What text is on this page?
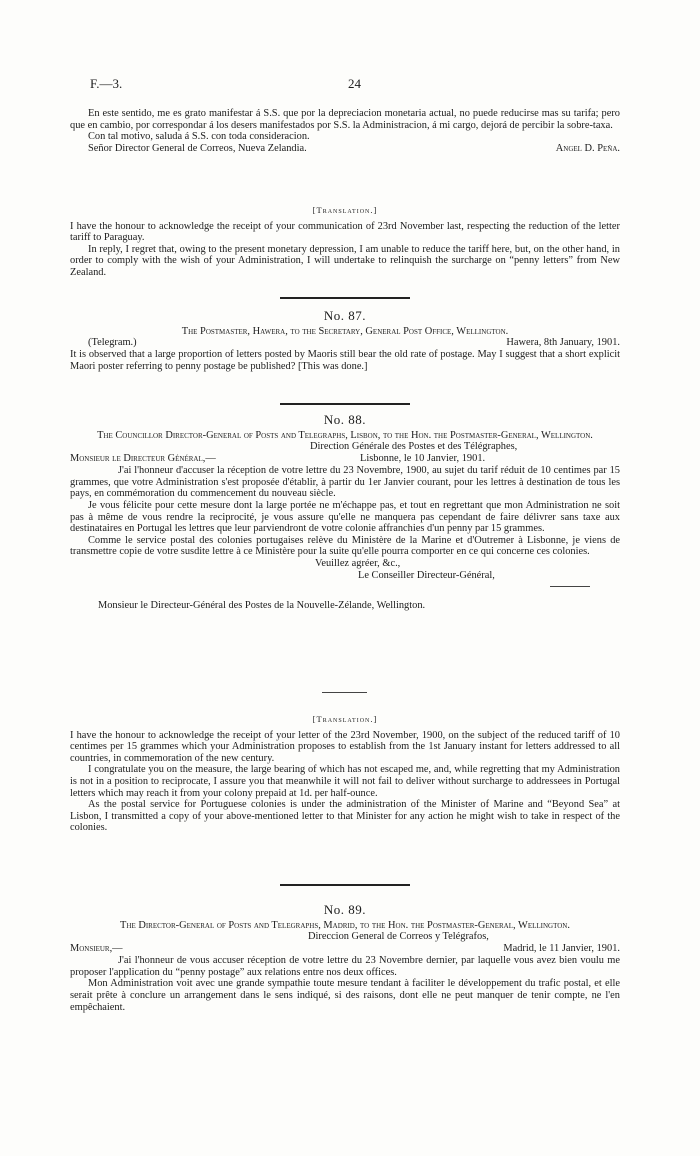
F.—3.	24

En este sentido, me es grato manifestar á S.S. que por la depreciacion monetaria actual, no puede reducirse mas su tarifa; pero que en cambio, por correspondar á los desers manifestados por S.S. la Administracion, á mi cargo, dejorá de percibir la sobre-taxa.

Con tal motivo, saluda á S.S. con toda consideracion.

Señor Director General de Correos, Nueva Zelandia.	Angel D. Peña.
[Translation.]

I have the honour to acknowledge the receipt of your communication of 23rd November last, respecting the reduction of the letter tariff to Paraguay.

In reply, I regret that, owing to the present monetary depression, I am unable to reduce the tariff here, but, on the other hand, in order to comply with the wish of your Administration, I will undertake to relinquish the surcharge on “penny letters” from New Zealand.

No. 87.

The Postmaster, Hawera, to the Secretary, General Post Office, Wellington.

(Telegram.)	Hawera, 8th January, 1901.

It is observed that a large proportion of letters posted by Maoris still bear the old rate of postage. May I suggest that a short explicit Maori poster referring to penny postage be published? [This was done.]

No. 88.

The Councillor Director-General of Posts and Telegraphs, Lisbon, to the Hon. the Postmaster-General, Wellington.

Direction Générale des Postes et des Télégraphes,
Monsieur le Directeur Général,—	Lisbonne, le 10 Janvier, 1901.

J'ai l'honneur d'accuser la réception de votre lettre du 23 Novembre, 1900, au sujet du tarif réduit de 10 centimes par 15 grammes, que votre Administration s'est proposée d'établir, à partir du 1er Janvier courant, pour les lettres à destination de tous les pays, en commémoration du commencement du nouveau siècle.

Je vous félicite pour cette mesure dont la large portée ne m'échappe pas, et tout en regrettant que mon Administration ne soit pas à même de vous rendre la reciprocité, je vous assure qu'elle ne manquera pas cependant de faire délivrer sans taxe aux destinataires en Portugal les lettres que leur parviendront de votre colonie affranchies d'un penny par 15 grammes.

Comme le service postal des colonies portugaises relève du Ministère de la Marine et d'Outremer à Lisbonne, je viens de transmettre copie de votre susdite lettre à ce Ministère pour la suite qu'elle pourra comporter en ce qui concerne ces colonies.

Veuillez agréer, &c.,
Le Conseiller Directeur-Général,
Monsieur le Directeur-Général des Postes de la Nouvelle-Zélande, Wellington.
[Translation.]

I have the honour to acknowledge the receipt of your letter of the 23rd November, 1900, on the subject of the reduced tariff of 10 centimes per 15 grammes which your Administration proposes to establish from the 1st January instant for letters addressed to all countries, in commemoration of the new century.

I congratulate you on the measure, the large bearing of which has not escaped me, and, while regretting that my Administration is not in a position to reciprocate, I assure you that meanwhile it will not fail to deliver without surcharge to addressees in Portugal letters which may reach it from your colony prepaid at 1d. per half-ounce.

As the postal service for Portuguese colonies is under the administration of the Minister of Marine and “Beyond Sea” at Lisbon, I transmitted a copy of your above-mentioned letter to that Minister for any action he might wish to take in respect of the colonies.

No. 89.

The Director-General of Posts and Telegraphs, Madrid, to the Hon. the Postmaster-General, Wellington.

Direccion General de Correos y Telégrafos,
Monsieur,—	Madrid, le 11 Janvier, 1901.

J'ai l'honneur de vous accuser réception de votre lettre du 23 Novembre dernier, par laquelle vous avez bien voulu me proposer l'application du “penny postage” aux relations entre nos deux offices.

Mon Administration voit avec une grande sympathie toute mesure tendant à faciliter le développement du trafic postal, et elle serait prête à conclure un arrangement dans le sens indiqué, si des raisons, dont elle ne peut manquer de tenir compte, ne l'en empêchaient.
